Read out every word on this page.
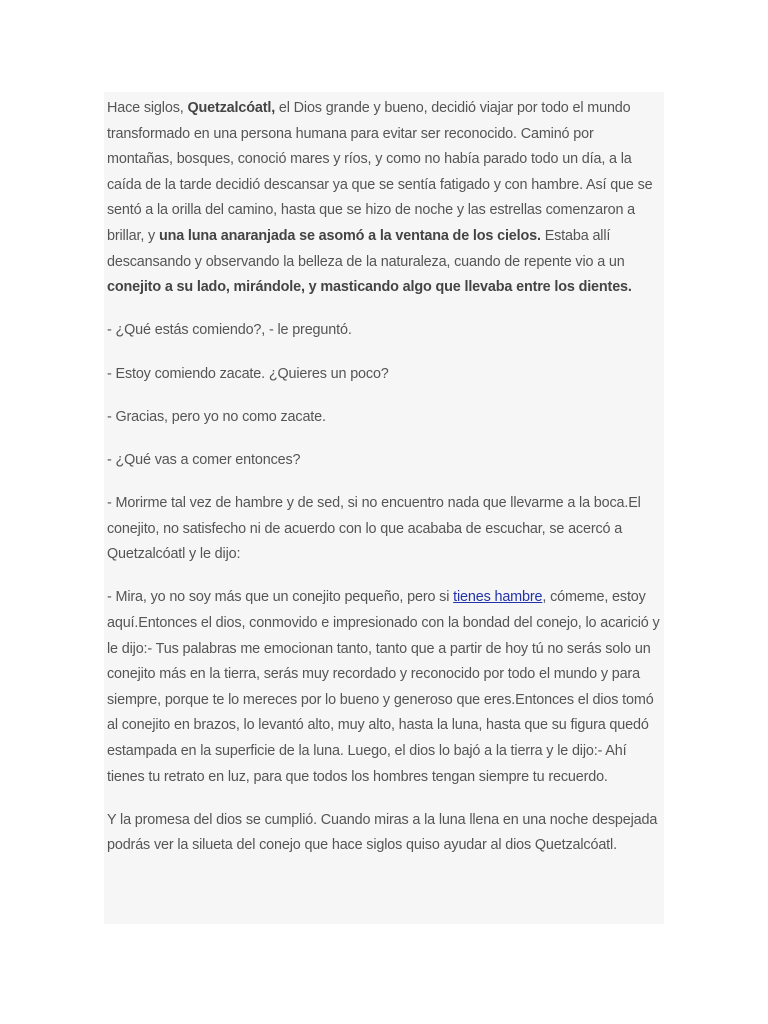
Hace siglos, Quetzalcóatl, el Dios grande y bueno, decidió viajar por todo el mundo transformado en una persona humana para evitar ser reconocido. Caminó por montañas, bosques, conoció mares y ríos, y como no había parado todo un día, a la caída de la tarde decidió descansar ya que se sentía fatigado y con hambre. Así que se sentó a la orilla del camino, hasta que se hizo de noche y las estrellas comenzaron a brillar, y una luna anaranjada se asomó a la ventana de los cielos. Estaba allí descansando y observando la belleza de la naturaleza, cuando de repente vio a un conejito a su lado, mirándole, y masticando algo que llevaba entre los dientes.

- ¿Qué estás comiendo?, - le preguntó.

- Estoy comiendo zacate. ¿Quieres un poco?

- Gracias, pero yo no como zacate.

- ¿Qué vas a comer entonces?

- Morirme tal vez de hambre y de sed, si no encuentro nada que llevarme a la boca.El conejito, no satisfecho ni de acuerdo con lo que acababa de escuchar, se acercó a Quetzalcóatl y le dijo:

- Mira, yo no soy más que un conejito pequeño, pero si tienes hambre, cómeme, estoy aquí.Entonces el dios, conmovido e impresionado con la bondad del conejo, lo acarició y le dijo:- Tus palabras me emocionan tanto, tanto que a partir de hoy tú no serás solo un conejito más en la tierra, serás muy recordado y reconocido por todo el mundo y para siempre, porque te lo mereces por lo bueno y generoso que eres.Entonces el dios tomó al conejito en brazos, lo levantó alto, muy alto, hasta la luna, hasta que su figura quedó estampada en la superficie de la luna. Luego, el dios lo bajó a la tierra y le dijo:- Ahí tienes tu retrato en luz, para que todos los hombres tengan siempre tu recuerdo.

Y la promesa del dios se cumplió. Cuando miras a la luna llena en una noche despejada podrás ver la silueta del conejo que hace siglos quiso ayudar al dios Quetzalcóatl.
